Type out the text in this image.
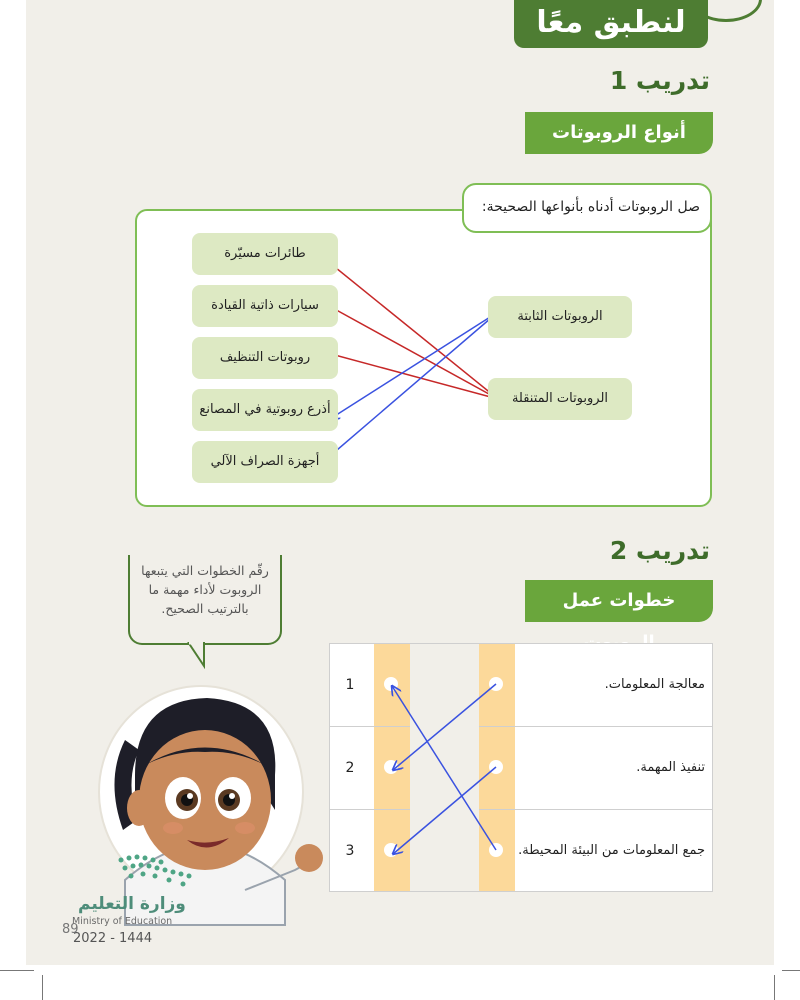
لنطبق معًا
تدريب 1
أنواع الروبوتات
صل الروبوتات أدناه بأنواعها الصحيحة:
طائرات مسيّرة
سيارات ذاتية القيادة
روبوتات التنظيف
أذرع روبوتية في المصانع
أجهزة الصراف الآلي
الروبوتات الثابتة
الروبوتات المتنقلة
تدريب 2
خطوات عمل
رقّم الخطوات التي يتبعها
الروبوت لأداء مهمة ما
بالترتيب الصحيح.
1
2
3
معالجة المعلومات.
تنفيذ المهمة.
جمع المعلومات من البيئة المحيطة.
وزارة التعليم
Ministry of Education
2022 - 1444
89
